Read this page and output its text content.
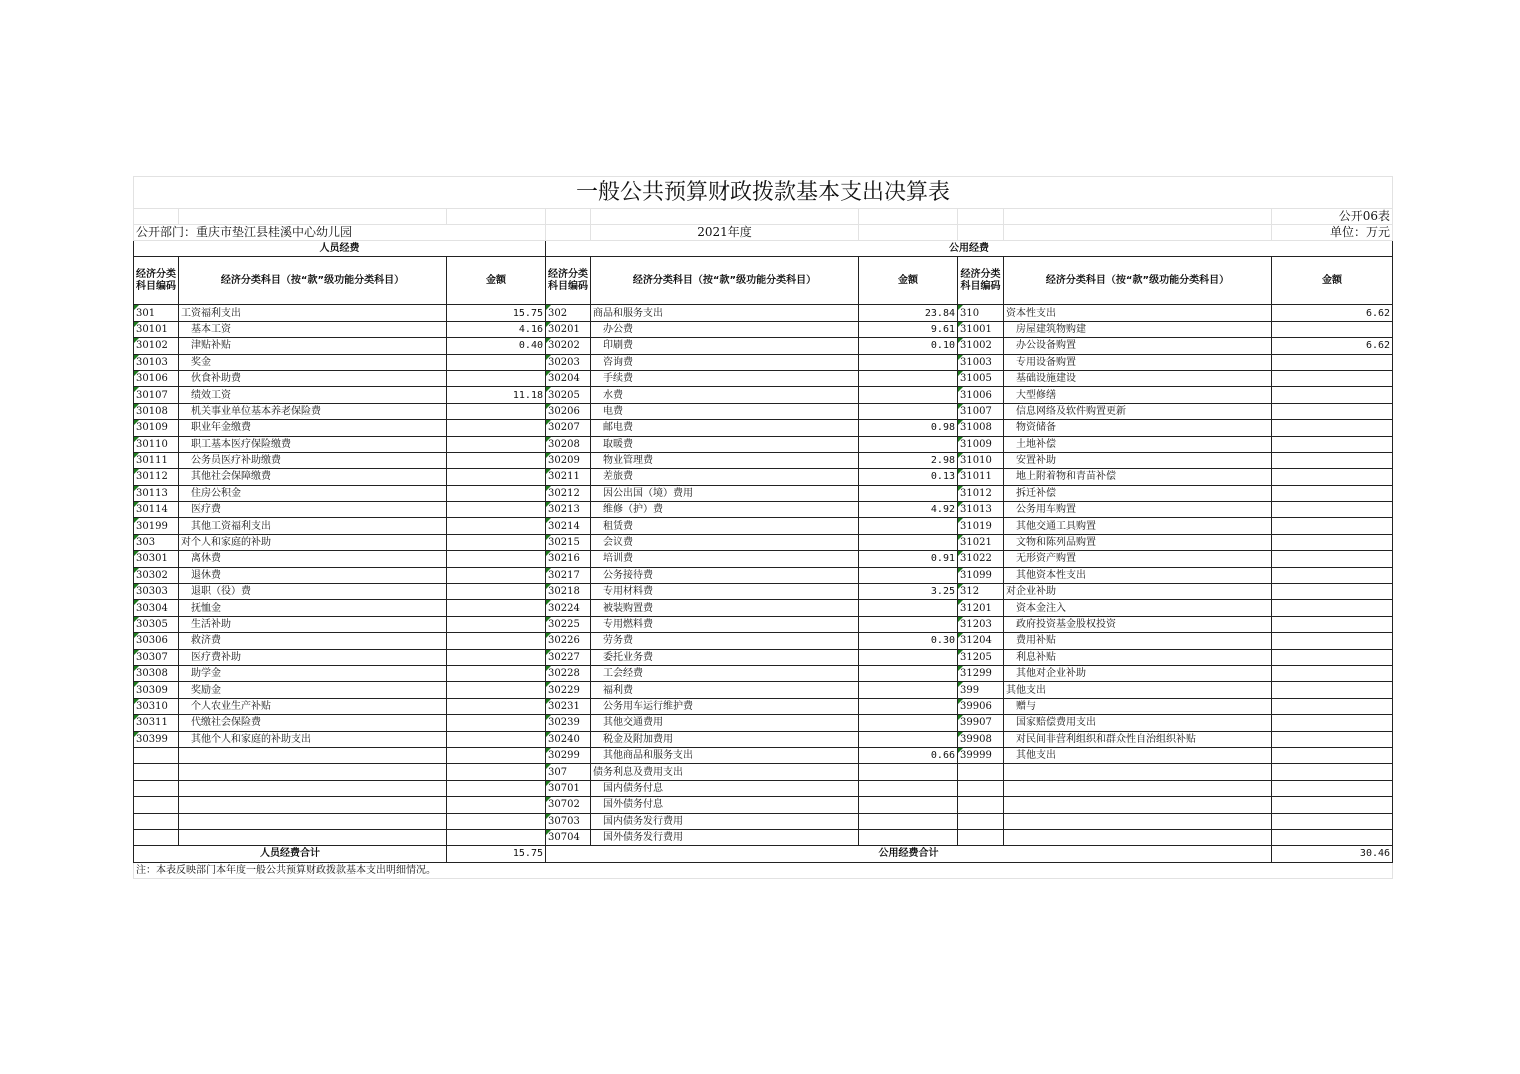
一般公共预算财政拨款基本支出决算表								
								公开06表
公开部门：重庆市垫江县桂溪中心幼儿园				2021年度				单位：万元
人员经费			公用经费					
经济分类科目编码	经济分类科目（按“款”级功能分类科目）	金额	经济分类科目编码	经济分类科目（按“款”级功能分类科目）	金额	经济分类科目编码	经济分类科目（按“款”级功能分类科目）	金额
301	工资福利支出	15.75	302	商品和服务支出	23.84	310	资本性支出	6.62
30101	基本工资	4.16	30201	办公费	9.61	31001	房屋建筑物购建	
30102	津贴补贴	0.40	30202	印刷费	0.10	31002	办公设备购置	6.62
30103	奖金		30203	咨询费		31003	专用设备购置	
30106	伙食补助费		30204	手续费		31005	基础设施建设	
30107	绩效工资	11.18	30205	水费		31006	大型修缮	
30108	机关事业单位基本养老保险费		30206	电费		31007	信息网络及软件购置更新	
30109	职业年金缴费		30207	邮电费	0.98	31008	物资储备	
30110	职工基本医疗保险缴费		30208	取暖费		31009	土地补偿	
30111	公务员医疗补助缴费		30209	物业管理费	2.98	31010	安置补助	
30112	其他社会保障缴费		30211	差旅费	0.13	31011	地上附着物和青苗补偿	
30113	住房公积金		30212	因公出国（境）费用		31012	拆迁补偿	
30114	医疗费		30213	维修（护）费	4.92	31013	公务用车购置	
30199	其他工资福利支出		30214	租赁费		31019	其他交通工具购置	
303	对个人和家庭的补助		30215	会议费		31021	文物和陈列品购置	
30301	离休费		30216	培训费	0.91	31022	无形资产购置	
30302	退休费		30217	公务接待费		31099	其他资本性支出	
30303	退职（役）费		30218	专用材料费	3.25	312	对企业补助	
30304	抚恤金		30224	被装购置费		31201	资本金注入	
30305	生活补助		30225	专用燃料费		31203	政府投资基金股权投资	
30306	救济费		30226	劳务费	0.30	31204	费用补贴	
30307	医疗费补助		30227	委托业务费		31205	利息补贴	
30308	助学金		30228	工会经费		31299	其他对企业补助	
30309	奖励金		30229	福利费		399	其他支出	
30310	个人农业生产补贴		30231	公务用车运行维护费		39906	赠与	
30311	代缴社会保险费		30239	其他交通费用		39907	国家赔偿费用支出	
30399	其他个人和家庭的补助支出		30240	税金及附加费用		39908	对民间非营利组织和群众性自治组织补贴	
			30299	其他商品和服务支出	0.66	39999	其他支出	
			307	债务利息及费用支出				
			30701	国内债务付息				
			30702	国外债务付息				
			30703	国内债务发行费用				
			30704	国外债务发行费用				
人员经费合计		15.75	公用经费合计					30.46
注：本表反映部门本年度一般公共预算财政拨款基本支出明细情况。								
